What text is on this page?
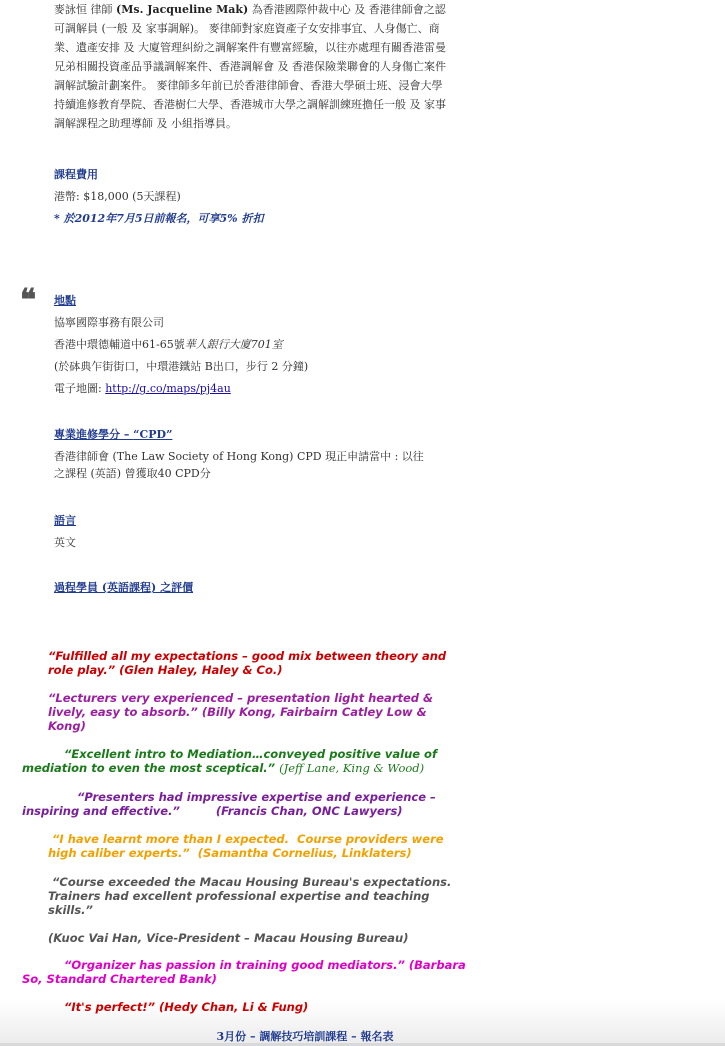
麥詠恒 律師 (Ms. Jacqueline Mak) 為香港國際仲裁中心 及 香港律師會之認可調解員 (一般 及 家事調解)。 麥律師對家庭資產子女安排事宜、人身傷亡、商業、遺產安排 及 大廈管理糾紛之調解案件有豐富經驗，以往亦處理有關香港雷曼兄弟相關投資產品爭議調解案件、香港調解會 及 香港保險業聯會的人身傷亡案件調解試驗計劃案件。 麥律師多年前已於香港律師會、香港大學碩士班、浸會大學持續進修教育學院、香港樹仁大學、香港城市大學之調解訓練班擔任一般 及 家事調解課程之助理導師 及 小組指導員。
課程費用
港幣: $18,000 (5天課程)
* 於2012年7月5日前報名，可享5% 折扣
❝ 地點
協寧國際事務有限公司
香港中環德輔道中61-65號華人銀行大廈701室
(於砵典乍街街口，中環港鐵站 B出口，步行 2 分鐘)
電子地圖: http://g.co/maps/pj4au
專業進修學分 – “CPD”
香港律師會 (The Law Society of Hong Kong) CPD 現正申請當中 : 以往
之課程 (英語) 曾獲取40 CPD分
語言
英文
過程學員 (英語課程) 之評價
“Fulfilled all my expectations – good mix between theory and
role play.” (Glen Haley, Haley & Co.)
“Lecturers very experienced – presentation light hearted &
lively, easy to absorb.” (Billy Kong, Fairbairn Catley Low &
Kong)
“Excellent intro to Mediation…conveyed positive value of
mediation to even the most sceptical.” (Jeff Lane, King & Wood)
“Presenters had impressive expertise and experience –
inspiring and effective.”         (Francis Chan, ONC Lawyers)
“I have learnt more than I expected.  Course providers were
high caliber experts.”  (Samantha Cornelius, Linklaters)
“Course exceeded the Macau Housing Bureau's expectations.
Trainers had excellent professional expertise and teaching
skills.”
(Kuoc Vai Han, Vice-President – Macau Housing Bureau)
“Organizer has passion in training good mediators.” (Barbara
So, Standard Chartered Bank)
“It's perfect!” (Hedy Chan, Li & Fung)
3月份 – 調解技巧培訓課程 – 報名表
